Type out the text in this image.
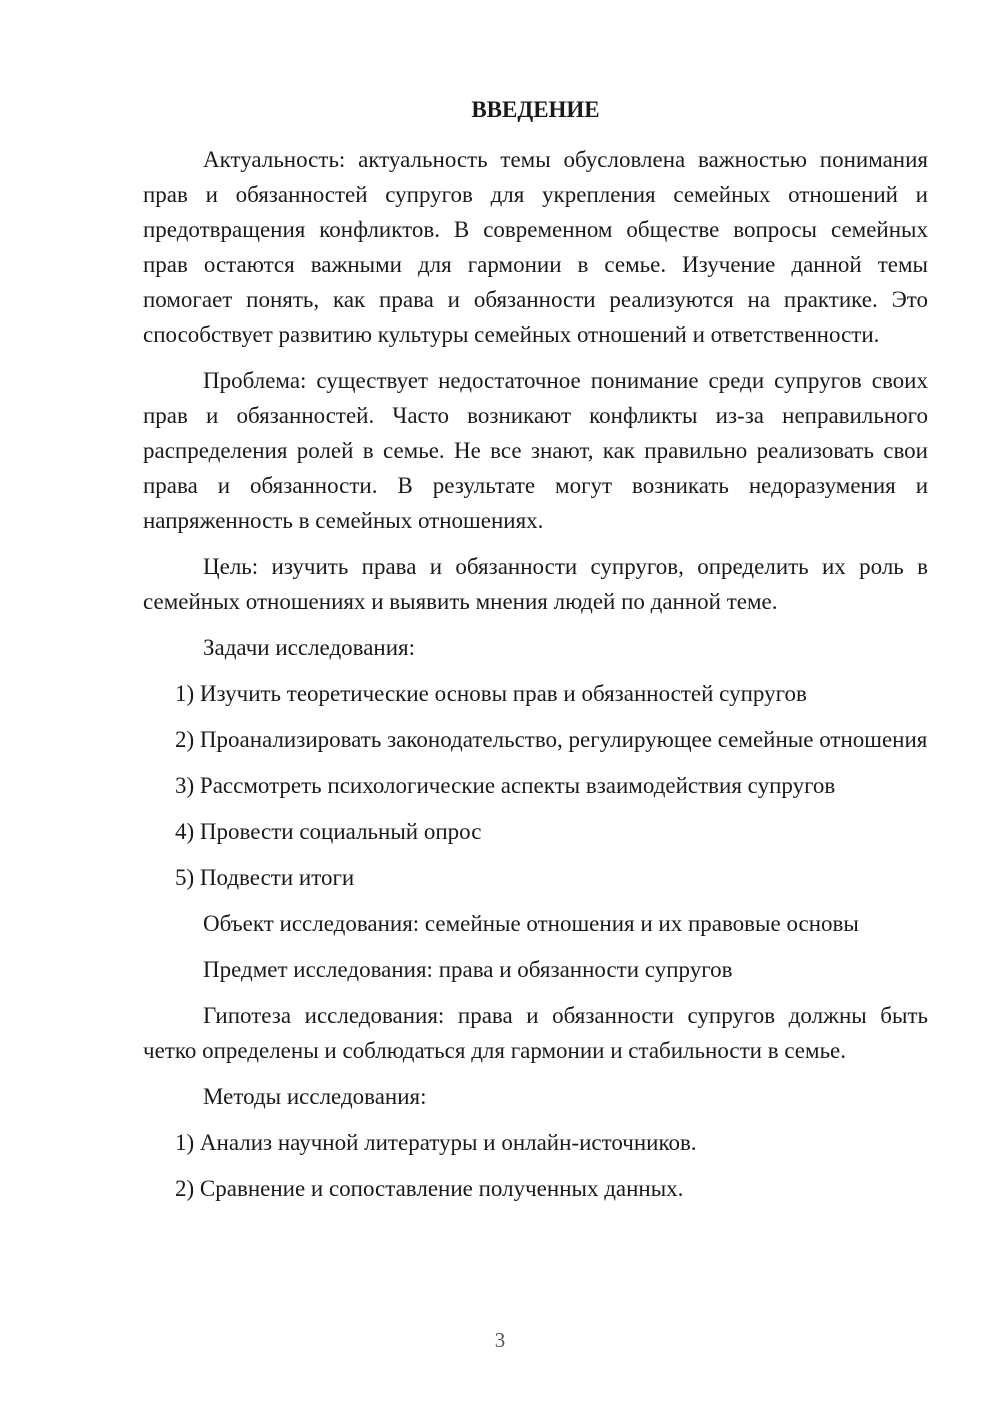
ВВЕДЕНИЕ

Актуальность: актуальность темы обусловлена важностью понимания прав и обязанностей супругов для укрепления семейных отношений и предотвращения конфликтов. В современном обществе вопросы семейных прав остаются важными для гармонии в семье. Изучение данной темы помогает понять, как права и обязанности реализуются на практике. Это способствует развитию культуры семейных отношений и ответственности.

Проблема: существует недостаточное понимание среди супругов своих прав и обязанностей. Часто возникают конфликты из-за неправильного распределения ролей в семье. Не все знают, как правильно реализовать свои права и обязанности. В результате могут возникать недоразумения и напряженность в семейных отношениях.

Цель: изучить права и обязанности супругов, определить их роль в семейных отношениях и выявить мнения людей по данной теме.

Задачи исследования:

1) Изучить теоретические основы прав и обязанностей супругов

2) Проанализировать законодательство, регулирующее семейные отношения

3) Рассмотреть психологические аспекты взаимодействия супругов

4) Провести социальный опрос

5) Подвести итоги

Объект исследования: семейные отношения и их правовые основы

Предмет исследования: права и обязанности супругов

Гипотеза исследования: права и обязанности супругов должны быть четко определены и соблюдаться для гармонии и стабильности в семье.

Методы исследования:

1) Анализ научной литературы и онлайн-источников.

2) Сравнение и сопоставление полученных данных.

3
